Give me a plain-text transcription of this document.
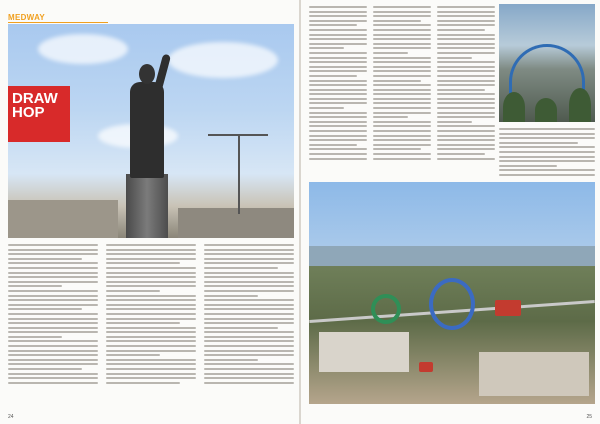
MEDWAY
DRAW
HOP
24	25
